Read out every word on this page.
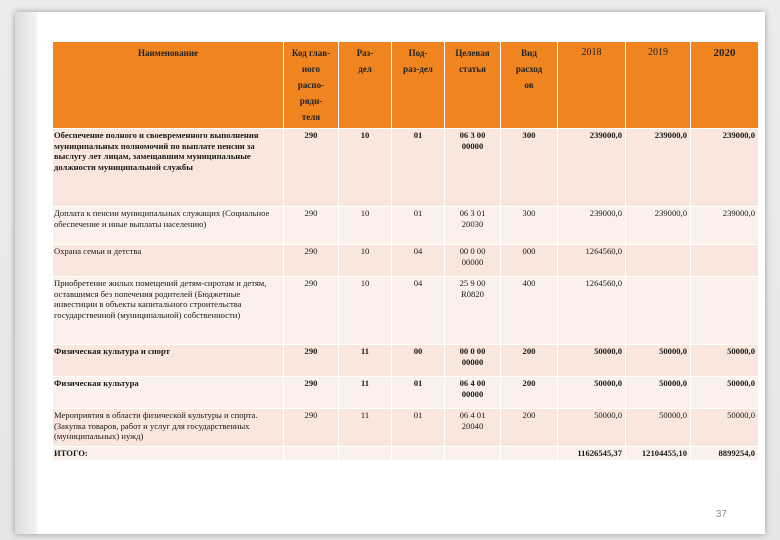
Наименование	Код глав-
ного
распо-
ряди-
теля	Раз-
дел	Под-
раз-дел	Целевая
статья	Вид
расход
ов	2018	2019	2020
Обеспечение полного и своевременного выполнения муниципальных полномочий по выплате пенсии за выслугу лет лицам, замещавшим муниципальные должности муниципальной службы	290	10	01	06 3 00
00000	300	239000,0	239000,0	239000,0
Доплата к пенсии муниципальных служащих (Социальное обеспечение и иные выплаты населению)	290	10	01	06 3 01
20030	300	239000,0	239000,0	239000,0
Охрана семьи и детства	290	10	04	00 0 00
00000	000	1264560,0		
Приобретение жилых помещений детям-сиротам и детям, оставшимся без попечения родителей (Бюджетные инвестиции в объекты капитального строительства государственной (муниципальной) собственности)	290	10	04	25 9 00
R0820	400	1264560,0		
Физическая культура и спорт	290	11	00	00 0 00
00000	200	50000,0	50000,0	50000,0
Физическая культура	290	11	01	06 4 00
00000	200	50000,0	50000,0	50000,0
Мероприятия в области физической культуры и спорта. (Закупка товаров, работ и услуг для государственных (муниципальных) нужд)	290	11	01	06 4 01
20040	200	50000,0	50000,0	50000,0
ИТОГО:						11626545,37	12104455,10	8899254,0
37
